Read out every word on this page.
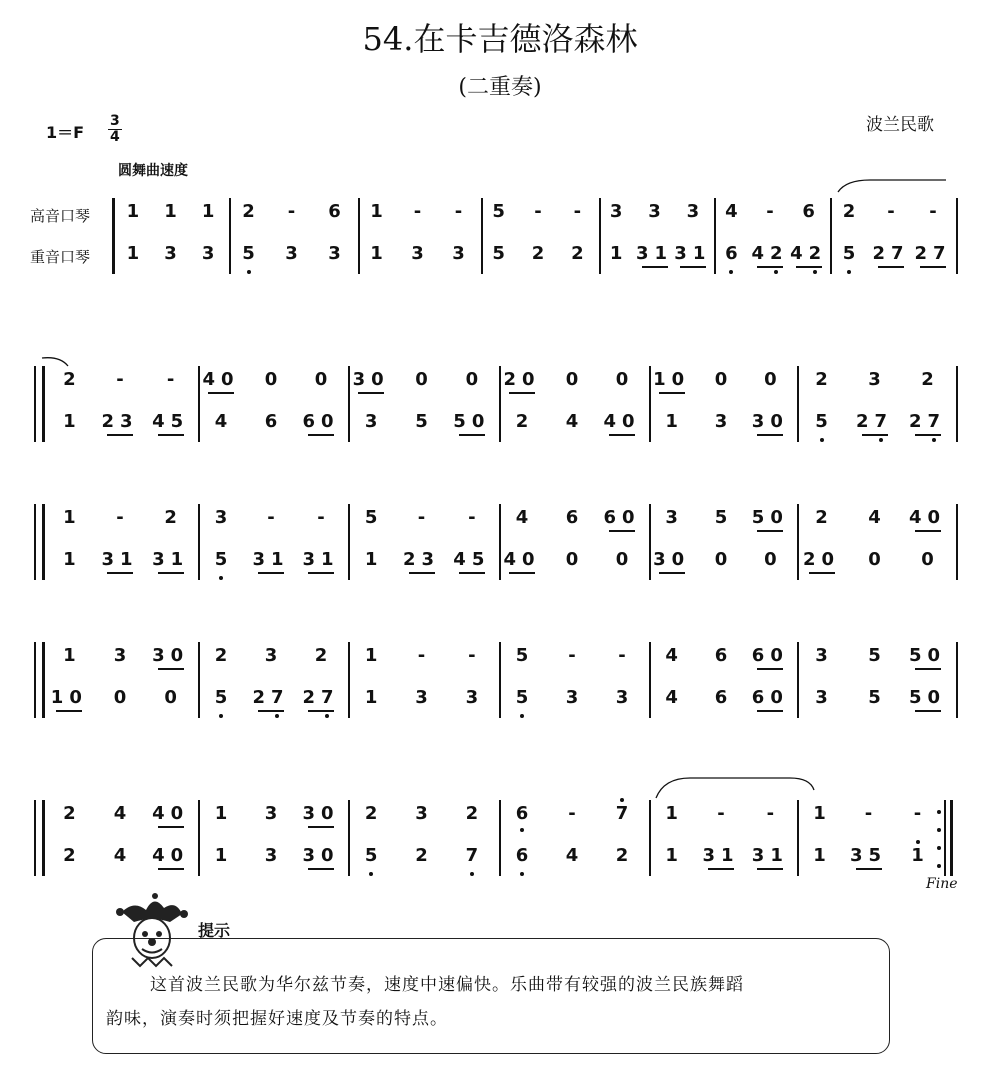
54.在卡吉德洛森林
(二重奏)
1＝F
3
4
波兰民歌
圆舞曲速度
高音口琴
重音口琴
1 1 1 2 - 6 1 - - 5 - - 3 3 3 4 - 6 2 - -
1 3 3 5 3 3 1 3 3 5 2 2 1 31 31 6 42 42 5 27 27
2 - - 40 0 0 30 0 0 20 0 0 10 0 0 2 3 2
1 23 45 4 6 60 3 5 50 2 4 40 1 3 30 5 27 27
1 - 2 3 - - 5 - - 4 6 60 3 5 50 2 4 40
1 31 31 5 31 31 1 23 45 40 0 0 30 0 0 20 0 0
1 3 30 2 3 2 1 - - 5 - - 4 6 60 3 5 50
10 0 0 5 27 27 1 3 3 5 3 3 4 6 60 3 5 50
2 4 40 1 3 30 2 3 2 6 - 7 1 - - 1 - -
2 4 40 1 3 30 5 2 7 6 4 2 1 31 31 1 35 1
Fine
提示
这首波兰民歌为华尔兹节奏，速度中速偏快。乐曲带有较强的波兰民族舞蹈
韵味，演奏时须把握好速度及节奏的特点。
